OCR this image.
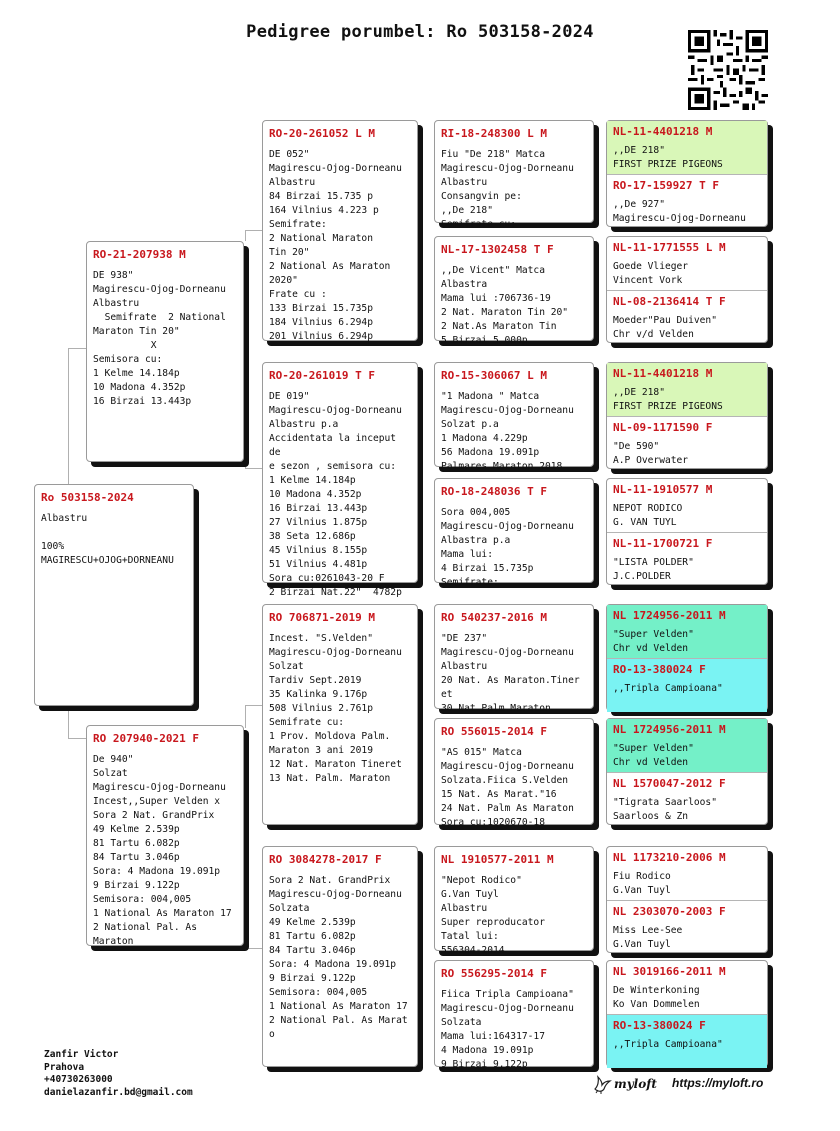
Pedigree porumbel: Ro 503158-2024
Ro 503158-2024
Albastru

100%
MAGIRESCU+OJOG+DORNEANU
RO-21-207938 M
DE 938"
Magirescu-Ojog-Dorneanu
Albastru
Semifrate  2 National
Maraton Tin 20"
X
Semisora cu:
1 Kelme 14.184p
10 Madona 4.352p
16 Birzai 13.443p
RO 207940-2021 F
De 940"
Solzat
Magirescu-Ojog-Dorneanu
Incest,,Super Velden x
Sora 2 Nat. GrandPrix
49 Kelme 2.539p
81 Tartu 6.082p
84 Tartu 3.046p
Sora: 4 Madona 19.091p
9 Birzai 9.122p
Semisora: 004,005
1 National As Maraton 17
2 National Pal. As
Maraton
RO-20-261052 L M
DE 052"
Magirescu-Ojog-Dorneanu
Albastru
84 Birzai 15.735 p
164 Vilnius 4.223 p
Semifrate:
2 National Maraton
Tin 20"
2 National As Maraton
2020"
Frate cu :
133 Birzai 15.735p
184 Vilnius 6.294p
201 Vilnius 6.294p
RO-20-261019 T F
DE 019"
Magirescu-Ojog-Dorneanu
Albastru p.a
Accidentata la inceput de
e sezon , semisora cu:
1 Kelme 14.184p
10 Madona 4.352p
16 Birzai 13.443p
27 Vilnius 1.875p
38 Seta 12.686p
45 Vilnius 8.155p
51 Vilnius 4.481p
Sora cu:0261043-20 F
2 Birzai Nat.22"  4782p
RO 706871-2019 M
Incest. "S.Velden"
Magirescu-Ojog-Dorneanu
Solzat
Tardiv Sept.2019
35 Kalinka 9.176p
508 Vilnius 2.761p
Semifrate cu:
1 Prov. Moldova Palm.
Maraton 3 ani 2019
12 Nat. Maraton Tineret
13 Nat. Palm. Maraton
RO 3084278-2017 F
Sora 2 Nat. GrandPrix
Magirescu-Ojog-Dorneanu
Solzata
49 Kelme 2.539p
81 Tartu 6.082p
84 Tartu 3.046p
Sora: 4 Madona 19.091p
9 Birzai 9.122p
Semisora: 004,005
1 National As Maraton 17
2 National Pal. As Marat
o
RI-18-248300 L M
Fiu "De 218" Matca
Magirescu-Ojog-Dorneanu
Albastru
Consangvin pe:
,,De 218"
Semifrate cu:
NL-17-1302458 T F
,,De Vicent" Matca
Albastra
Mama lui :706736-19
2 Nat. Maraton Tin 20"
2 Nat.As Maraton Tin
5 Birzai 5.000p
RO-15-306067 L M
"1 Madona " Matca
Magirescu-Ojog-Dorneanu
Solzat p.a
1 Madona 4.229p
56 Madona 19.091p
Palmares Maraton 2018
RO-18-248036 T F
Sora 004,005
Magirescu-Ojog-Dorneanu
Albastra p.a
Mama lui:
4 Birzai 15.735p
Semifrate:
RO 540237-2016 M
"DE 237"
Magirescu-Ojog-Dorneanu
Albastru
20 Nat. As Maraton.Tiner
et
30 Nat.Palm.Maraton
RO 556015-2014 F
"AS 015" Matca
Magirescu-Ojog-Dorneanu
Solzata.Fiica S.Velden
15 Nat. As Marat."16
24 Nat. Palm As Maraton
Sora cu:1020670-18
NL 1910577-2011 M
"Nepot Rodico"
G.Van Tuyl
Albastru
Super reproducator
Tatal lui:
556304-2014
RO 556295-2014 F
Fiica Tripla Campioana"
Magirescu-Ojog-Dorneanu
Solzata
Mama lui:164317-17
4 Madona 19.091p
9 Birzai 9.122p
NL-11-4401218 M
,,DE 218"
FIRST PRIZE PIGEONS
RO-17-159927 T F
,,De 927"
Magirescu-Ojog-Dorneanu
NL-11-1771555 L M
Goede Vlieger
Vincent Vork
NL-08-2136414 T F
Moeder"Pau Duiven"
Chr v/d Velden
NL-11-4401218 M
,,DE 218"
FIRST PRIZE PIGEONS
NL-09-1171590 F
"De 590"
A.P Overwater
NL-11-1910577 M
NEPOT RODICO
G. VAN TUYL
NL-11-1700721 F
"LISTA POLDER"
J.C.POLDER
NL 1724956-2011 M
"Super Velden"
Chr vd Velden
RO-13-380024 F
,,Tripla Campioana"
NL 1724956-2011 M
"Super Velden"
Chr vd Velden
NL 1570047-2012 F
"Tigrata Saarloos"
Saarloos & Zn
NL 1173210-2006 M
Fiu Rodico
G.Van Tuyl
NL 2303070-2003 F
Miss Lee-See
G.Van Tuyl
NL 3019166-2011 M
De Winterkoning
Ko Van Dommelen
RO-13-380024 F
,,Tripla Campioana"
Zanfir Victor
Prahova
+40730263000
danielazanfir.bd@gmail.com
myloft https://myloft.ro
